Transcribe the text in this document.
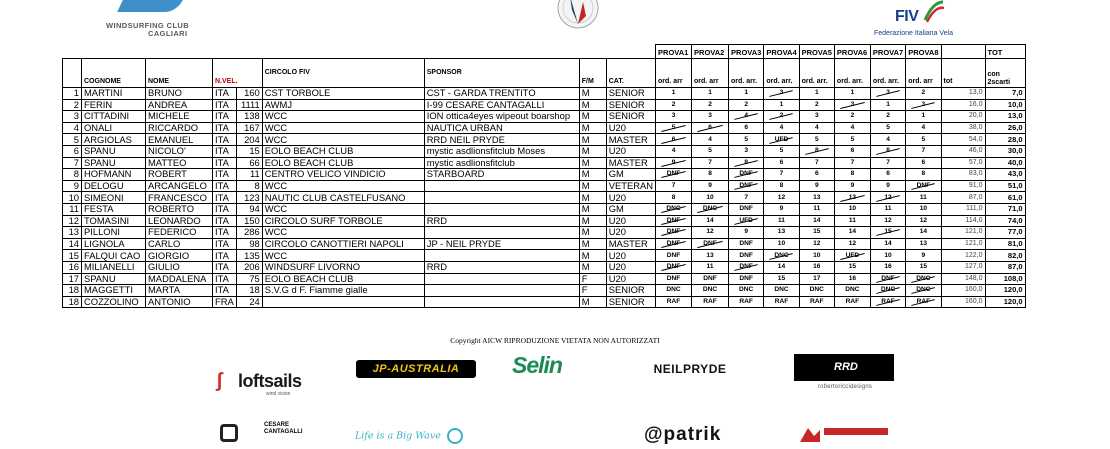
WINDSURFING CLUB
CAGLIARI
FIV
Federazione Italiana Vela
									PROVA1	PROVA2	PROVA3	PROVA4	PROVA5	PROVA6	PROVA7	PROVA8		TOT
	COGNOME	NOME	N.VEL.		CIRCOLO FIV	SPONSOR	F/M	CAT.	ord. arr	ord. arr	ord. arr.	ord. arr.	ord. arr.	ord. arr.	ord. arr.	ord. arr	tot	con 2scarti
1	MARTINI	BRUNO	ITA	160	CST TORBOLE	CST - GARDA TRENTITO	M	SENIOR	1	1	1	3	1	1	3	2	13,0	7,0
2	FERIN	ANDREA	ITA	1111	AWMJ	I-99 CESARE CANTAGALLI	M	SENIOR	2	2	2	1	2	3	1	3	16,0	10,0
3	CITTADINI	MICHELE	ITA	138	WCC	ION ottica4eyes wipeout boarshop	M	SENIOR	3	3	4	2	3	2	2	1	20,0	13,0
4	ONALI	RICCARDO	ITA	167	WCC	NAUTICA URBAN	M	U20	5	6	6	4	4	4	5	4	38,0	26,0
5	ARGIOLAS	EMANUEL	ITA	204	WCC	RRD NEIL PRYDE	M	MASTER	6	4	5	UFD	5	5	4	5	54,0	28,0
6	SPANU	NICOLO'	ITA	15	EOLO BEACH CLUB	mystic asdlionsfitclub Moses	M	U20	4	5	3	5	8	6	8	7	46,0	30,0
7	SPANU	MATTEO	ITA	66	EOLO BEACH CLUB	mystic asdlionsfitclub	M	MASTER	9	7	8	6	7	7	7	6	57,0	40,0
8	HOFMANN	ROBERT	ITA	11	CENTRO VELICO VINDICIO	STARBOARD	M	GM	DNF	8	DNF	7	6	8	6	8	83,0	43,0
9	DELOGU	ARCANGELO	ITA	8	WCC		M	VETERAN	7	9	DNF	8	9	9	9	DNF	91,0	51,0
10	SIMEONI	FRANCESCO	ITA	123	NAUTIC CLUB CASTELFUSANO		M	U20	8	10	7	12	13	13	12	11	87,0	61,0
11	FESTA	ROBERTO	ITA	94	WCC		M	GM	DNC	DNC	DNF	9	11	10	11	10	111,0	71,0
12	TOMASINI	LEONARDO	ITA	150	CIRCOLO SURF TORBOLE	RRD	M	U20	DNF	14	UFD	11	14	11	12	12	114,0	74,0
13	PILLONI	FEDERICO	ITA	286	WCC		M	U20	DNF	12	9	13	15	14	15	14	121,0	77,0
14	LIGNOLA	CARLO	ITA	98	CIRCOLO CANOTTIERI NAPOLI	JP - NEIL PRYDE	M	MASTER	DNF	DNF	DNF	10	12	12	14	13	121,0	81,0
15	FALQUI CAO	GIORGIO	ITA	135	WCC		M	U20	DNF	13	DNF	DNC	10	UFD	10	9	122,0	82,0
16	MILIANELLI	GIULIO	ITA	206	WINDSURF LIVORNO	RRD	M	U20	DNF	11	DNF	14	16	15	16	15	127,0	87,0
17	SPANU	MADDALENA	ITA	75	EOLO BEACH CLUB		F	U20	DNF	DNF	DNF	15	17	16	DNF	DNC	148,0	108,0
18	MAGGETTI	MARTA	ITA	18	S.V.G d F. Fiamme gialle		F	SENIOR	DNC	DNC	DNC	DNC	DNC	DNC	DNC	DNC	160,0	120,0
18	COZZOLINO	ANTONIO	FRA	24			M	SENIOR	RAF	RAF	RAF	RAF	RAF	RAF	RAF	RAF	160,0	120,0
Copyright AICW RIPRODUZIONE VIETATA NON AUTORIZZATI
ʃ loftsails
wind vision
JP-AUSTRALIA	Selin	NEILPRYDE	RRD
robertoriccidesigns
CESARE CANTAGALLI	Life is a Big Wave	@patrik
